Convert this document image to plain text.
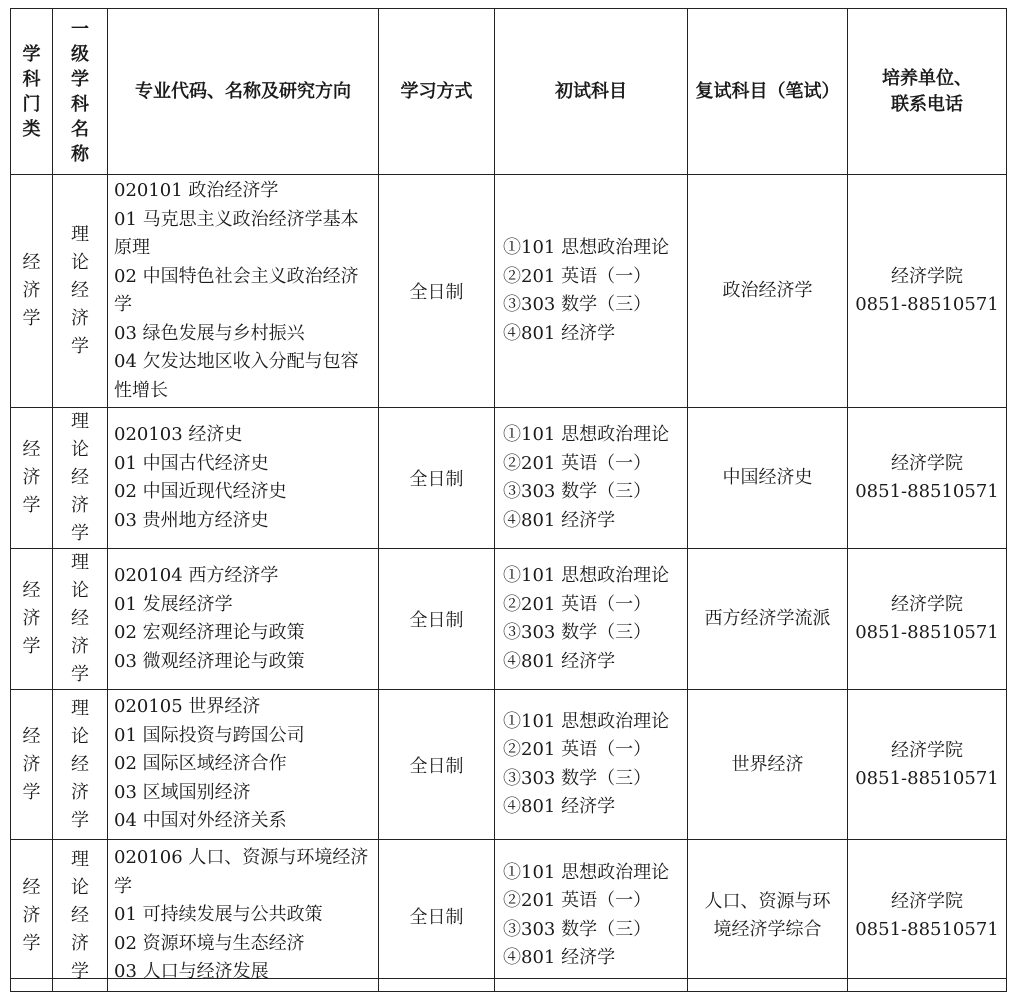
学科门类	一级学科名称	专业代码、名称及研究方向	学习方式	初试科目	复试科目（笔试）	培养单位、
联系电话

经济学	理论经济学	020101 政治经济学
01 马克思主义政治经济学基本原理
02 中国特色社会主义政治经济学
03 绿色发展与乡村振兴
04 欠发达地区收入分配与包容性增长	全日制	①101 思想政治理论
②201 英语（一）
③303 数学（三）
④801 经济学	政治经济学	经济学院
0851-88510571

经济学	理论经济学	020103 经济史
01 中国古代经济史
02 中国近现代经济史
03 贵州地方经济史	全日制	①101 思想政治理论
②201 英语（一）
③303 数学（三）
④801 经济学	中国经济史	经济学院
0851-88510571

经济学	理论经济学	020104 西方经济学
01 发展经济学
02 宏观经济理论与政策
03 微观经济理论与政策	全日制	①101 思想政治理论
②201 英语（一）
③303 数学（三）
④801 经济学	西方经济学流派	经济学院
0851-88510571

经济学	理论经济学	020105 世界经济
01 国际投资与跨国公司
02 国际区域经济合作
03 区域国别经济
04 中国对外经济关系	全日制	①101 思想政治理论
②201 英语（一）
③303 数学（三）
④801 经济学	世界经济	经济学院
0851-88510571

经济学	理论经济学	020106 人口、资源与环境经济学
01 可持续发展与公共政策
02 资源环境与生态经济
03 人口与经济发展	全日制	①101 思想政治理论
②201 英语（一）
③303 数学（三）
④801 经济学	人口、资源与环
境经济学综合	经济学院
0851-88510571
